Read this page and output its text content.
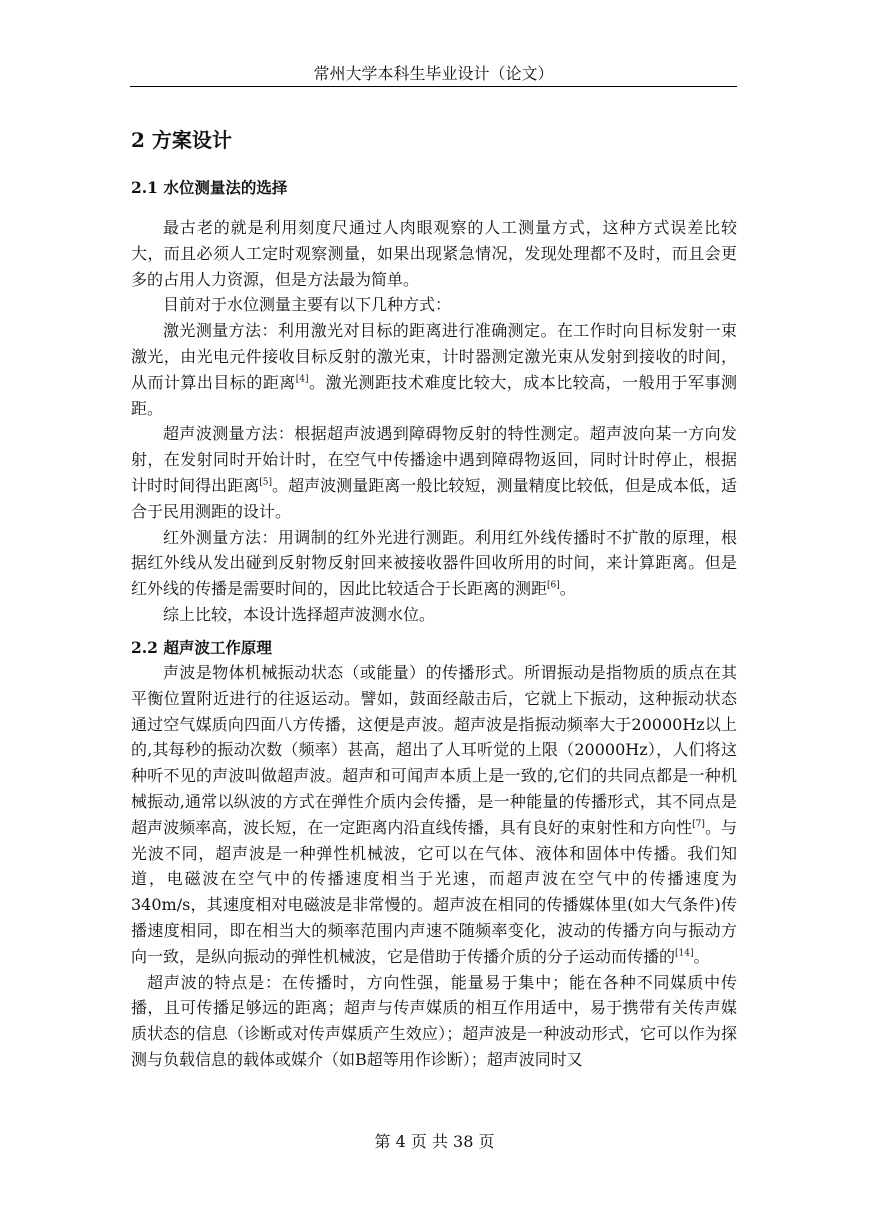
常州大学本科生毕业设计（论文）
2 方案设计
2.1 水位测量法的选择

最古老的就是利用刻度尺通过人肉眼观察的人工测量方式，这种方式误差比较大，而且必须人工定时观察测量，如果出现紧急情况，发现处理都不及时，而且会更多的占用人力资源，但是方法最为简单。

目前对于水位测量主要有以下几种方式：

激光测量方法：利用激光对目标的距离进行准确测定。在工作时向目标发射一束激光，由光电元件接收目标反射的激光束，计时器测定激光束从发射到接收的时间，从而计算出目标的距离[4]。激光测距技术难度比较大，成本比较高，一般用于军事测距。

超声波测量方法：根据超声波遇到障碍物反射的特性测定。超声波向某一方向发射，在发射同时开始计时，在空气中传播途中遇到障碍物返回，同时计时停止，根据计时时间得出距离[5]。超声波测量距离一般比较短，测量精度比较低，但是成本低，适合于民用测距的设计。

红外测量方法：用调制的红外光进行测距。利用红外线传播时不扩散的原理，根据红外线从发出碰到反射物反射回来被接收器件回收所用的时间，来计算距离。但是红外线的传播是需要时间的，因此比较适合于长距离的测距[6]。

综上比较，本设计选择超声波测水位。

2.2 超声波工作原理

声波是物体机械振动状态（或能量）的传播形式。所谓振动是指物质的质点在其平衡位置附近进行的往返运动。譬如，鼓面经敲击后，它就上下振动，这种振动状态通过空气媒质向四面八方传播，这便是声波。超声波是指振动频率大于20000Hz以上的,其每秒的振动次数（频率）甚高，超出了人耳听觉的上限（20000Hz），人们将这种听不见的声波叫做超声波。超声和可闻声本质上是一致的,它们的共同点都是一种机械振动,通常以纵波的方式在弹性介质内会传播，是一种能量的传播形式，其不同点是超声波频率高，波长短，在一定距离内沿直线传播，具有良好的束射性和方向性[7]。与光波不同，超声波是一种弹性机械波，它可以在气体、液体和固体中传播。我们知道，电磁波在空气中的传播速度相当于光速，而超声波在空气中的传播速度为340m/s，其速度相对电磁波是非常慢的。超声波在相同的传播媒体里(如大气条件)传播速度相同，即在相当大的频率范围内声速不随频率变化，波动的传播方向与振动方向一致，是纵向振动的弹性机械波，它是借助于传播介质的分子运动而传播的[14]。

超声波的特点是：在传播时，方向性强，能量易于集中；能在各种不同媒质中传播，且可传播足够远的距离；超声与传声媒质的相互作用适中，易于携带有关传声媒质状态的信息（诊断或对传声媒质产生效应）；超声波是一种波动形式，它可以作为探测与负载信息的载体或媒介（如B超等用作诊断）；超声波同时又

第 4 页 共 38 页
